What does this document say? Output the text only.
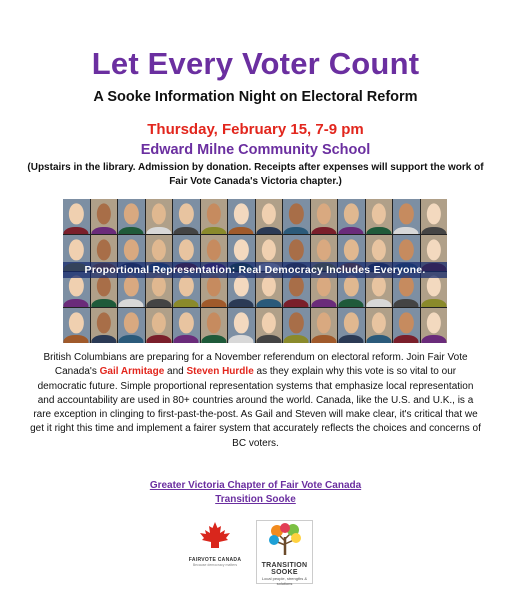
Let Every Voter Count
A Sooke Information Night on Electoral Reform
Thursday, February 15, 7-9 pm
Edward Milne Community School
(Upstairs in the library. Admission by donation. Receipts after expenses will support the work of Fair Vote Canada's Victoria chapter.)
Proportional Representation: Real Democracy Includes Everyone.
British Columbians are preparing for a November referendum on electoral reform. Join Fair Vote Canada's Gail Armitage and Steven Hurdle as they explain why this vote is so vital to our democratic future. Simple proportional representation systems that emphasize local representation and accountability are used in 80+ countries around the world. Canada, like the U.S. and U.K., is a rare exception in clinging to first-past-the-post. As Gail and Steven will make clear, it's critical that we get it right this time and implement a fairer system that accurately reflects the choices and concerns of BC voters.
Greater Victoria Chapter of Fair Vote Canada
Transition Sooke
FAIRVOTE CANADA
Because democracy matters	TRANSITION
SOOKE
Local people, strengths & solutions
